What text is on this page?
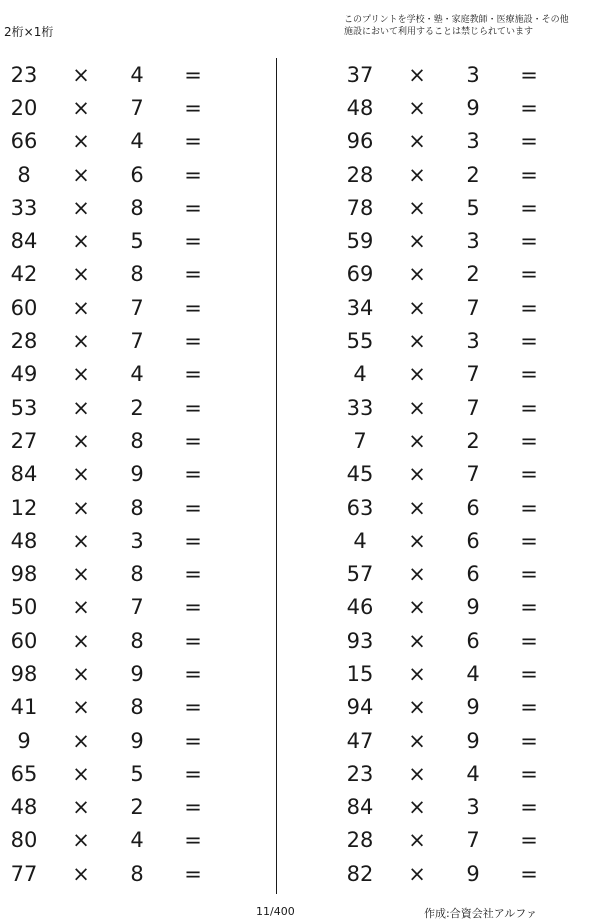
2桁×1桁
このプリントを学校・塾・家庭教師・医療施設・その他
施設において利用することは禁じられています
23	× 4 =
20	× 7 =
66	× 4 =
8	× 6 =
33	× 8 =
84	× 5 =
42	× 8 =
60	× 7 =
28	× 7 =
49	× 4 =
53	× 2 =
27	× 8 =
84	× 9 =
12	× 8 =
48	× 3 =
98	× 8 =
50	× 7 =
60	× 8 =
98	× 9 =
41	× 8 =
9	× 9 =
65	× 5 =
48	× 2 =
80	× 4 =
77	× 8 =
37	× 3 =
48	× 9 =
96	× 3 =
28	× 2 =
78	× 5 =
59	× 3 =
69	× 2 =
34	× 7 =
55	× 3 =
4	× 7 =
33	× 7 =
7	× 2 =
45	× 7 =
63	× 6 =
4	× 6 =
57	× 6 =
46	× 9 =
93	× 6 =
15	× 4 =
94	× 9 =
47	× 9 =
23	× 4 =
84	× 3 =
28	× 7 =
82	× 9 =
11/400	作成:合資会社アルファ
